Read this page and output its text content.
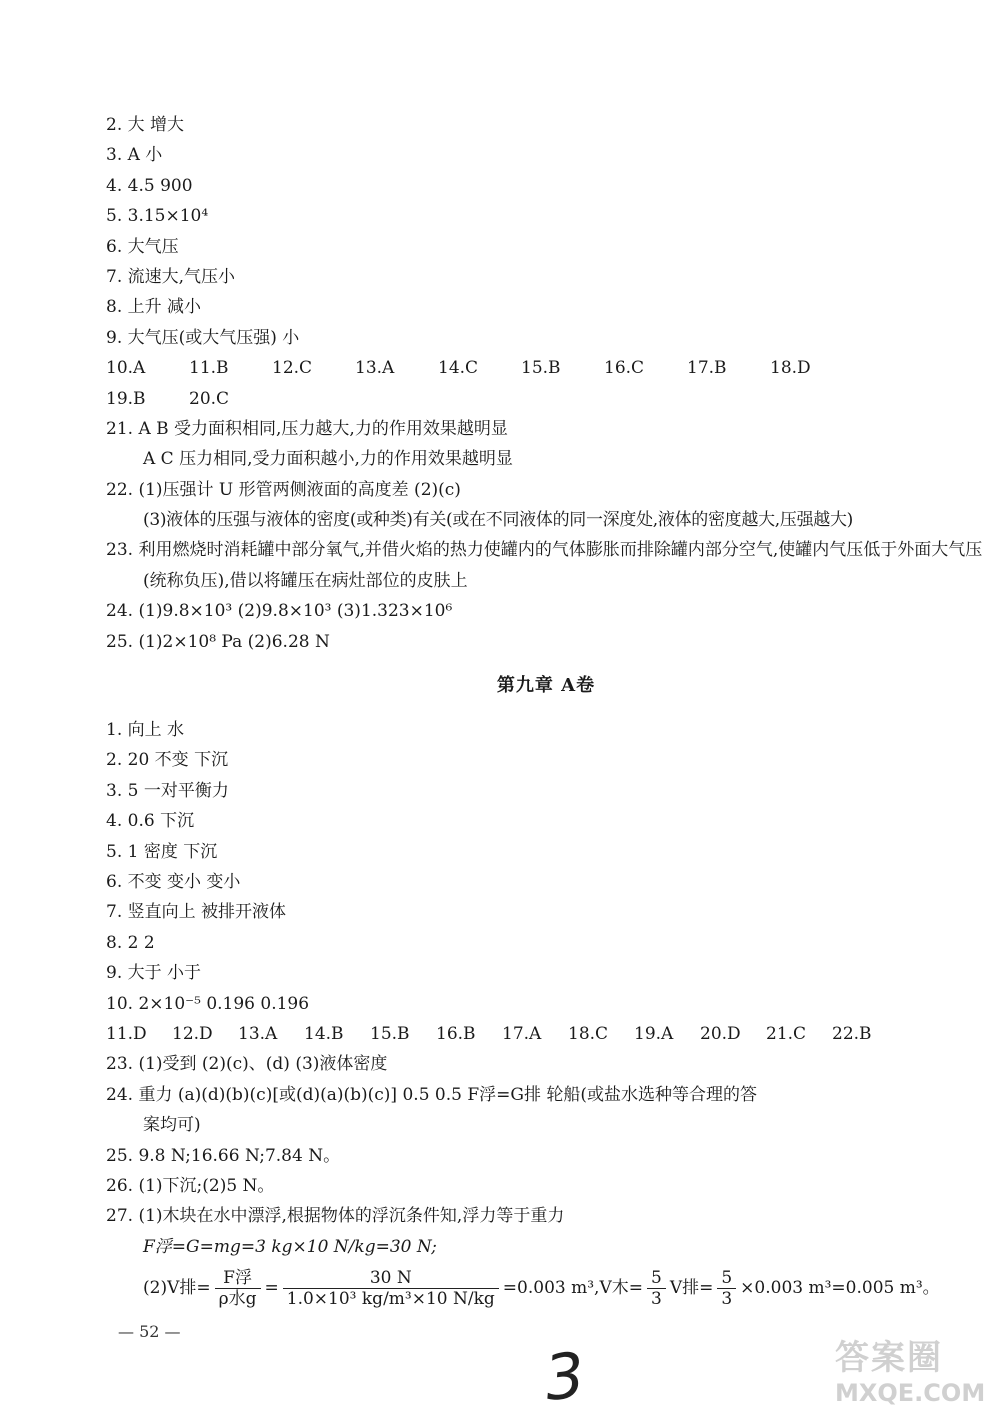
2. 大 增大
3. A 小
4. 4.5 900
5. 3.15×10⁴
6. 大气压
7. 流速大,气压小
8. 上升 减小
9. 大气压(或大气压强) 小
10.A	11.B	12.C	13.A	14.C	15.B	16.C	17.B	18.D
19.B	20.C
21. A B 受力面积相同,压力越大,力的作用效果越明显
A C 压力相同,受力面积越小,力的作用效果越明显
22. (1)压强计 U 形管两侧液面的高度差 (2)(c)
(3)液体的压强与液体的密度(或种类)有关(或在不同液体的同一深度处,液体的密度越大,压强越大)
23. 利用燃烧时消耗罐中部分氧气,并借火焰的热力使罐内的气体膨胀而排除罐内部分空气,使罐内气压低于外面大气压(统称负压),借以将罐压在病灶部位的皮肤上
24. (1)9.8×10³ (2)9.8×10³ (3)1.323×10⁶
25. (1)2×10⁸ Pa (2)6.28 N
第九章 A卷
1. 向上 水
2. 20 不变 下沉
3. 5 一对平衡力
4. 0.6 下沉
5. 1 密度 下沉
6. 不变 变小 变小
7. 竖直向上 被排开液体
8. 2 2
9. 大于 小于
10. 2×10⁻⁵ 0.196 0.196
11.D 12.D 13.A 14.B 15.B 16.B 17.A 18.C 19.A 20.D 21.C 22.B
23. (1)受到 (2)(c)、(d) (3)液体密度
24. 重力 (a)(d)(b)(c)[或(d)(a)(b)(c)] 0.5 0.5 F浮=G排 轮船(或盐水选种等合理的答
案均可)
25. 9.8 N;16.66 N;7.84 N。
26. (1)下沉;(2)5 N。
27. (1)木块在水中漂浮,根据物体的浮沉条件知,浮力等于重力
F浮=G=mg=3 kg×10 N/kg=30 N;
(2)V排= $\frac{\text{F浮}}{\text{ρ水g}} = \frac{30 N}{\text{1.0×10³ kg/m³×10 N/kg}} =0.003$ m³,V木= $\frac{5}{3}$ V排= $\frac{5}{3} \times 0.003$ m³=0.005 m³。
— 52 —
3	答案圈
MXQE.COM
